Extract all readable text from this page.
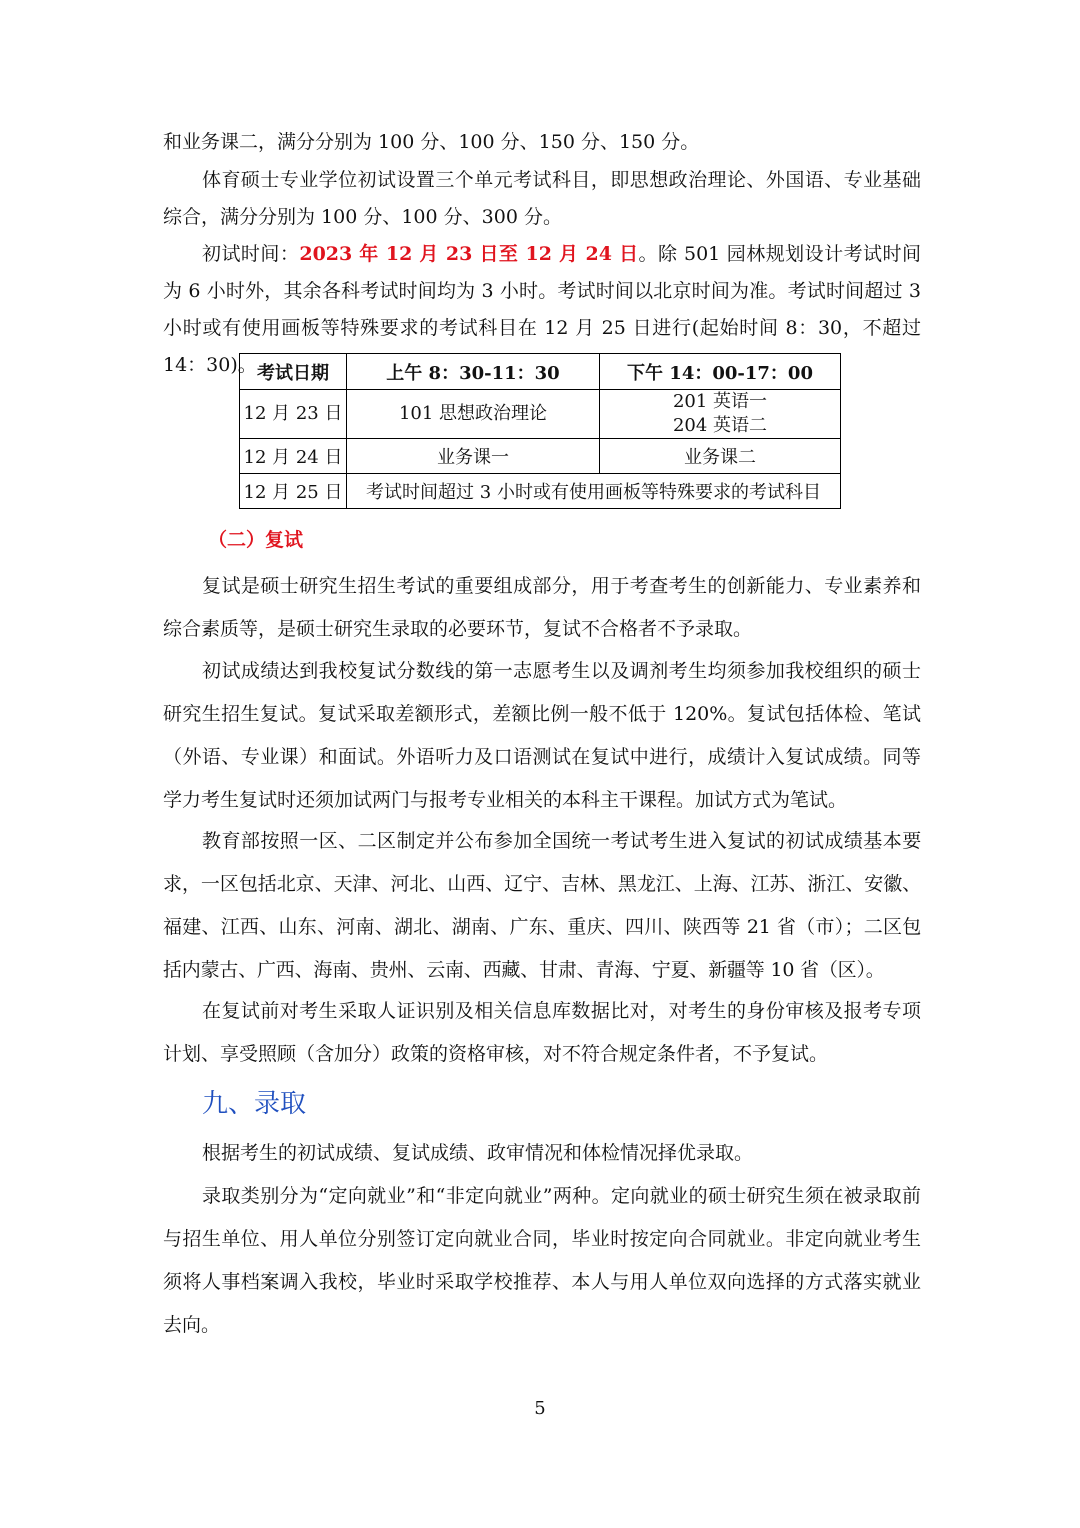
和业务课二，满分分别为 100 分、100 分、150 分、150 分。

体育硕士专业学位初试设置三个单元考试科目，即思想政治理论、外国语、专业基础综合，满分分别为 100 分、100 分、300 分。

初试时间：2023 年 12 月 23 日至 12 月 24 日。除 501 园林规划设计考试时间为 6 小时外，其余各科考试时间均为 3 小时。考试时间以北京时间为准。考试时间超过 3 小时或有使用画板等特殊要求的考试科目在 12 月 25 日进行(起始时间 8：30，不超过 14：30)。 考试日期	上午 8：30-11：30	下午 14：00-17：00
12 月 23 日	101 思想政治理论	201 英语一
204 英语二

12 月 24 日	业务课一	业务课二
12 月 25 日	考试时间超过 3 小时或有使用画板等特殊要求的考试科目	
（二）复试

复试是硕士研究生招生考试的重要组成部分，用于考查考生的创新能力、专业素养和综合素质等，是硕士研究生录取的必要环节，复试不合格者不予录取。

初试成绩达到我校复试分数线的第一志愿考生以及调剂考生均须参加我校组织的硕士研究生招生复试。复试采取差额形式，差额比例一般不低于 120%。复试包括体检、笔试（外语、专业课）和面试。外语听力及口语测试在复试中进行，成绩计入复试成绩。同等学力考生复试时还须加试两门与报考专业相关的本科主干课程。加试方式为笔试。

教育部按照一区、二区制定并公布参加全国统一考试考生进入复试的初试成绩基本要求，一区包括北京、天津、河北、山西、辽宁、吉林、黑龙江、上海、江苏、浙江、安徽、福建、江西、山东、河南、湖北、湖南、广东、重庆、四川、陕西等 21 省（市）；二区包括内蒙古、广西、海南、贵州、云南、西藏、甘肃、青海、宁夏、新疆等 10 省（区）。

在复试前对考生采取人证识别及相关信息库数据比对，对考生的身份审核及报考专项计划、享受照顾（含加分）政策的资格审核，对不符合规定条件者，不予复试。

九、录取

根据考生的初试成绩、复试成绩、政审情况和体检情况择优录取。

录取类别分为“定向就业”和“非定向就业”两种。定向就业的硕士研究生须在被录取前与招生单位、用人单位分别签订定向就业合同，毕业时按定向合同就业。非定向就业考生须将人事档案调入我校，毕业时采取学校推荐、本人与用人单位双向选择的方式落实就业去向。

5
